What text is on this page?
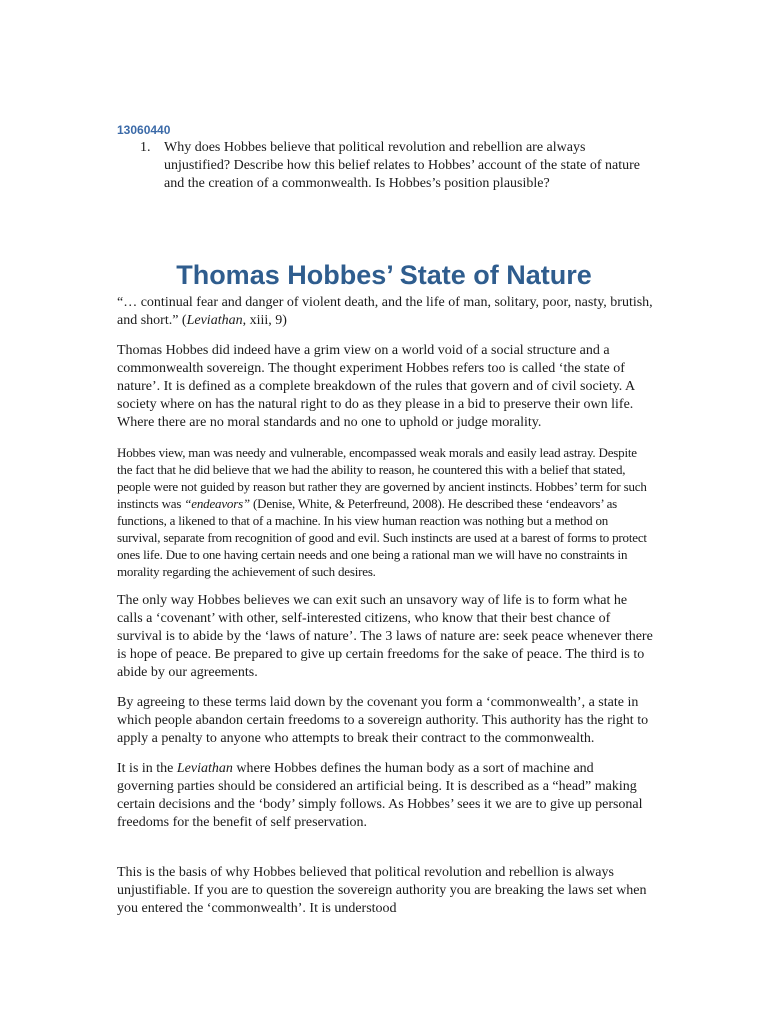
13060440
1. Why does Hobbes believe that political revolution and rebellion are always unjustified? Describe how this belief relates to Hobbes’ account of the state of nature and the creation of a commonwealth. Is Hobbes’s position plausible?
Thomas Hobbes’ State of Nature

“… continual fear and danger of violent death, and the life of man, solitary, poor, nasty, brutish, and short.” (Leviathan, xiii, 9)

Thomas Hobbes did indeed have a grim view on a world void of a social structure and a commonwealth sovereign. The thought experiment Hobbes refers too is called ‘the state of nature’. It is defined as a complete breakdown of the rules that govern and of civil society. A society where on has the natural right to do as they please in a bid to preserve their own life. Where there are no moral standards and no one to uphold or judge morality.

Hobbes view, man was needy and vulnerable, encompassed weak morals and easily lead astray. Despite the fact that he did believe that we had the ability to reason, he countered this with a belief that stated, people were not guided by reason but rather they are governed by ancient instincts. Hobbes’ term for such instincts was “endeavors” (Denise, White, & Peterfreund, 2008). He described these ‘endeavors’ as functions, a likened to that of a machine. In his view human reaction was nothing but a method on survival, separate from recognition of good and evil. Such instincts are used at a barest of forms to protect ones life. Due to one having certain needs and one being a rational man we will have no constraints in morality regarding the achievement of such desires.

The only way Hobbes believes we can exit such an unsavory way of life is to form what he calls a ‘covenant’ with other, self-interested citizens, who know that their best chance of survival is to abide by the ‘laws of nature’. The 3 laws of nature are: seek peace whenever there is hope of peace. Be prepared to give up certain freedoms for the sake of peace. The third is to abide by our agreements.

By agreeing to these terms laid down by the covenant you form a ‘commonwealth’, a state in which people abandon certain freedoms to a sovereign authority. This authority has the right to apply a penalty to anyone who attempts to break their contract to the commonwealth.

It is in the Leviathan where Hobbes defines the human body as a sort of machine and governing parties should be considered an artificial being. It is described as a “head” making certain decisions and the ‘body’ simply follows. As Hobbes’ sees it we are to give up personal freedoms for the benefit of self preservation.

This is the basis of why Hobbes believed that political revolution and rebellion is always unjustifiable. If you are to question the sovereign authority you are breaking the laws set when you entered the ‘commonwealth’. It is understood
